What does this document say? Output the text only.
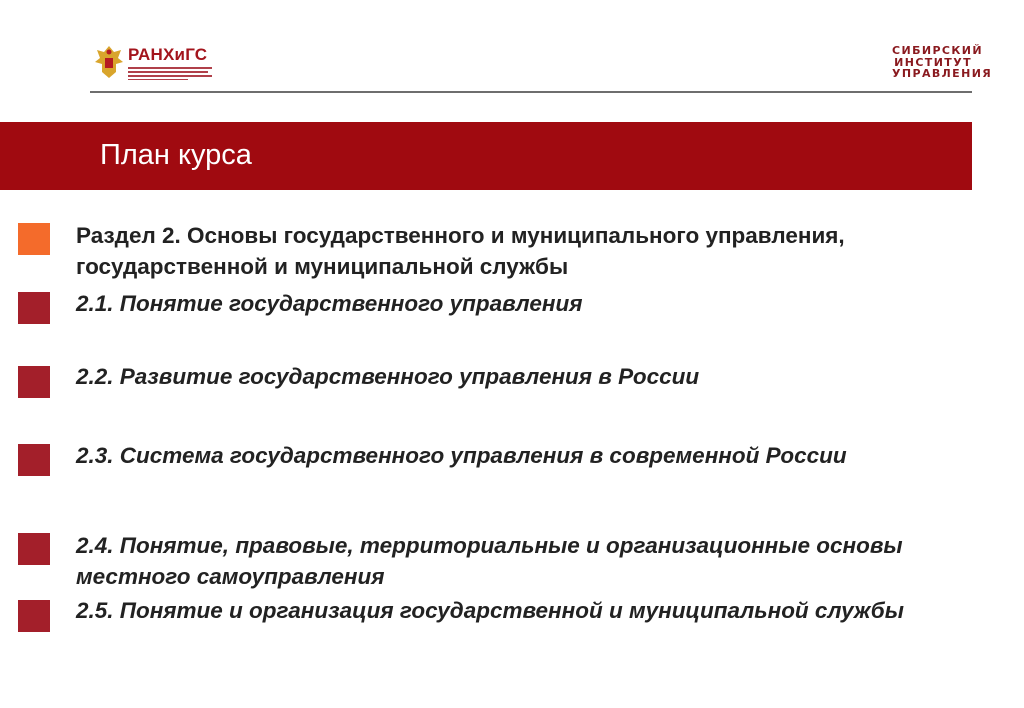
РАНХиГС	СИБИРСКИЙ
ИНСТИТУТ
УПРАВЛЕНИЯ
План курса
Раздел 2. Основы государственного и муниципального управления, государственной и муниципальной службы
2.1. Понятие государственного управления
2.2. Развитие государственного управления в России
2.3. Система государственного управления в современной России
2.4. Понятие, правовые, территориальные и организационные основы местного самоуправления
2.5. Понятие и организация государственной и муниципальной службы
